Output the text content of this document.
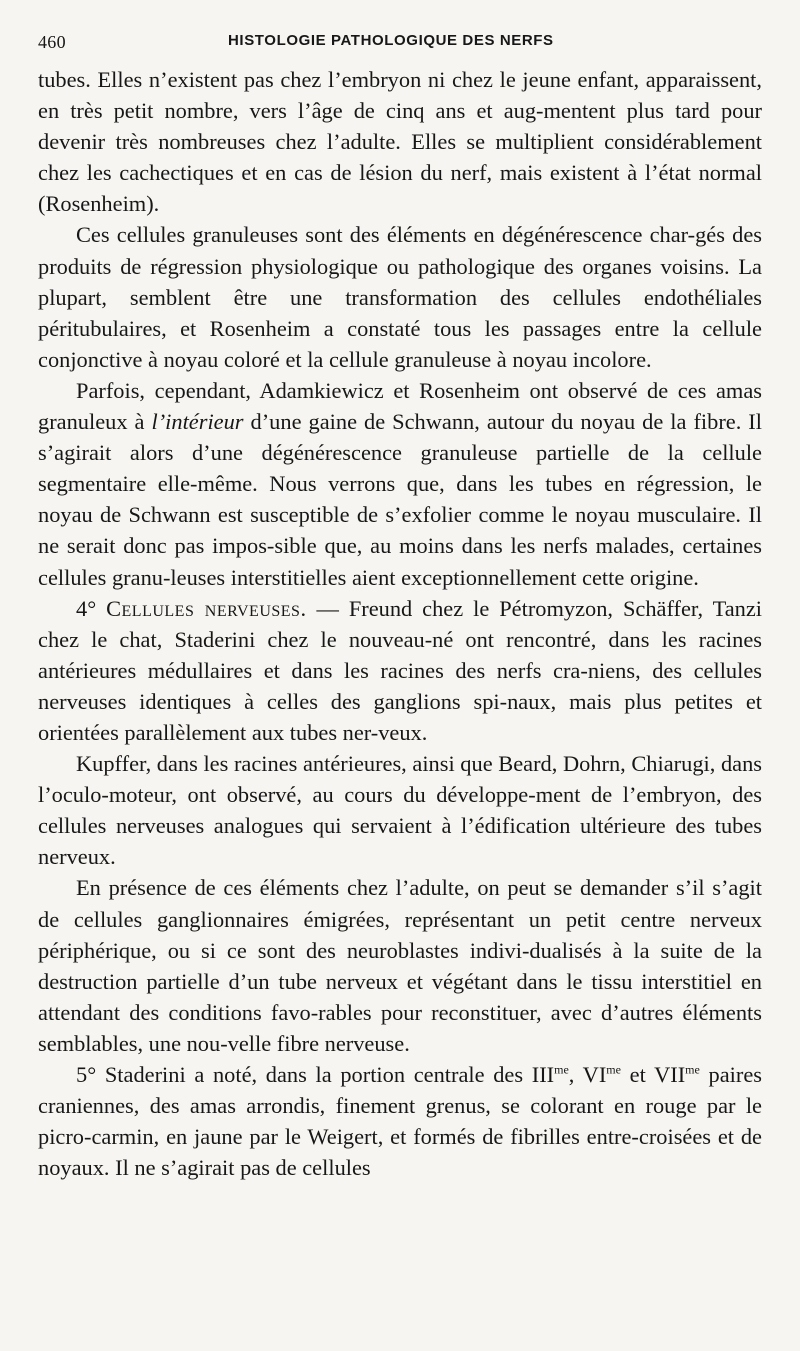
460	HISTOLOGIE PATHOLOGIQUE DES NERFS

tubes. Elles n’existent pas chez l’embryon ni chez le jeune enfant, apparaissent, en très petit nombre, vers l’âge de cinq ans et aug-mentent plus tard pour devenir très nombreuses chez l’adulte. Elles se multiplient considérablement chez les cachectiques et en cas de lésion du nerf, mais existent à l’état normal (Rosenheim).

Ces cellules granuleuses sont des éléments en dégénérescence char-gés des produits de régression physiologique ou pathologique des organes voisins. La plupart, semblent être une transformation des cellules endothéliales péritubulaires, et Rosenheim a constaté tous les passages entre la cellule conjonctive à noyau coloré et la cellule granuleuse à noyau incolore.

Parfois, cependant, Adamkiewicz et Rosenheim ont observé de ces amas granuleux à l’intérieur d’une gaine de Schwann, autour du noyau de la fibre. Il s’agirait alors d’une dégénérescence granuleuse partielle de la cellule segmentaire elle-même. Nous verrons que, dans les tubes en régression, le noyau de Schwann est susceptible de s’exfolier comme le noyau musculaire. Il ne serait donc pas impos-sible que, au moins dans les nerfs malades, certaines cellules granu-leuses interstitielles aient exceptionnellement cette origine.

4° Cellules nerveuses. — Freund chez le Pétromyzon, Schäffer, Tanzi chez le chat, Staderini chez le nouveau-né ont rencontré, dans les racines antérieures médullaires et dans les racines des nerfs cra-niens, des cellules nerveuses identiques à celles des ganglions spi-naux, mais plus petites et orientées parallèlement aux tubes ner-veux.

Kupffer, dans les racines antérieures, ainsi que Beard, Dohrn, Chiarugi, dans l’oculo-moteur, ont observé, au cours du développe-ment de l’embryon, des cellules nerveuses analogues qui servaient à l’édification ultérieure des tubes nerveux.

En présence de ces éléments chez l’adulte, on peut se demander s’il s’agit de cellules ganglionnaires émigrées, représentant un petit centre nerveux périphérique, ou si ce sont des neuroblastes indivi-dualisés à la suite de la destruction partielle d’un tube nerveux et végétant dans le tissu interstitiel en attendant des conditions favo-rables pour reconstituer, avec d’autres éléments semblables, une nou-velle fibre nerveuse.

5° Staderini a noté, dans la portion centrale des $III^{me}$, $VI^{me}$ et $VII^{me}$ paires craniennes, des amas arrondis, finement grenus, se colorant en rouge par le picro-carmin, en jaune par le Weigert, et formés de fibrilles entre-croisées et de noyaux. Il ne s’agirait pas de cellules
